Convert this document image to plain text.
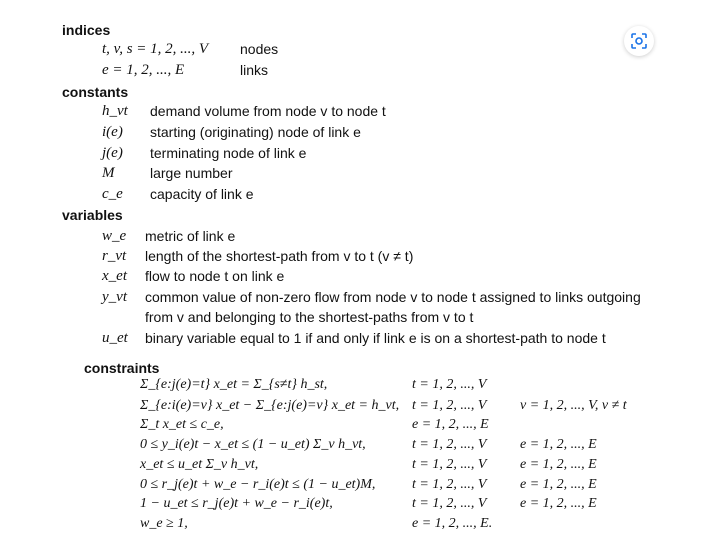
indices
t, v, s = 1, 2, ..., V nodes
e = 1, 2, ..., E	links
constants
h_vt demand volume from node v to node t
i(e) starting (originating) node of link e
j(e) terminating node of link e
M	large number
c_e capacity of link e
variables
w_e metric of link e
r_vt length of the shortest-path from v to t (v ≠ t)
x_et flow to node t on link e
y_vt common value of non-zero flow from node v to node t assigned to links outgoing
from v and belonging to the shortest-paths from v to t
u_et binary variable equal to 1 if and only if link e is on a shortest-path to node t
constraints
Σ_{e:j(e)=t} x_et = Σ_{s≠t} h_st,	t = 1, 2, ..., V
Σ_{e:i(e)=v} x_et − Σ_{e:j(e)=v} x_et = h_vt, t = 1, 2, ..., V v = 1, 2, ..., V, v ≠ t
Σ_t x_et ≤ c_e,	e = 1, 2, ..., E
0 ≤ y_i(e)t − x_et ≤ (1 − u_et) Σ_v h_vt,	t = 1, 2, ..., V e = 1, 2, ..., E
x_et ≤ u_et Σ_v h_vt,	t = 1, 2, ..., V e = 1, 2, ..., E
0 ≤ r_j(e)t + w_e − r_i(e)t ≤ (1 − u_et)M,	t = 1, 2, ..., V e = 1, 2, ..., E
1 − u_et ≤ r_j(e)t + w_e − r_i(e)t,	t = 1, 2, ..., V e = 1, 2, ..., E
w_e ≥ 1,	e = 1, 2, ..., E.
